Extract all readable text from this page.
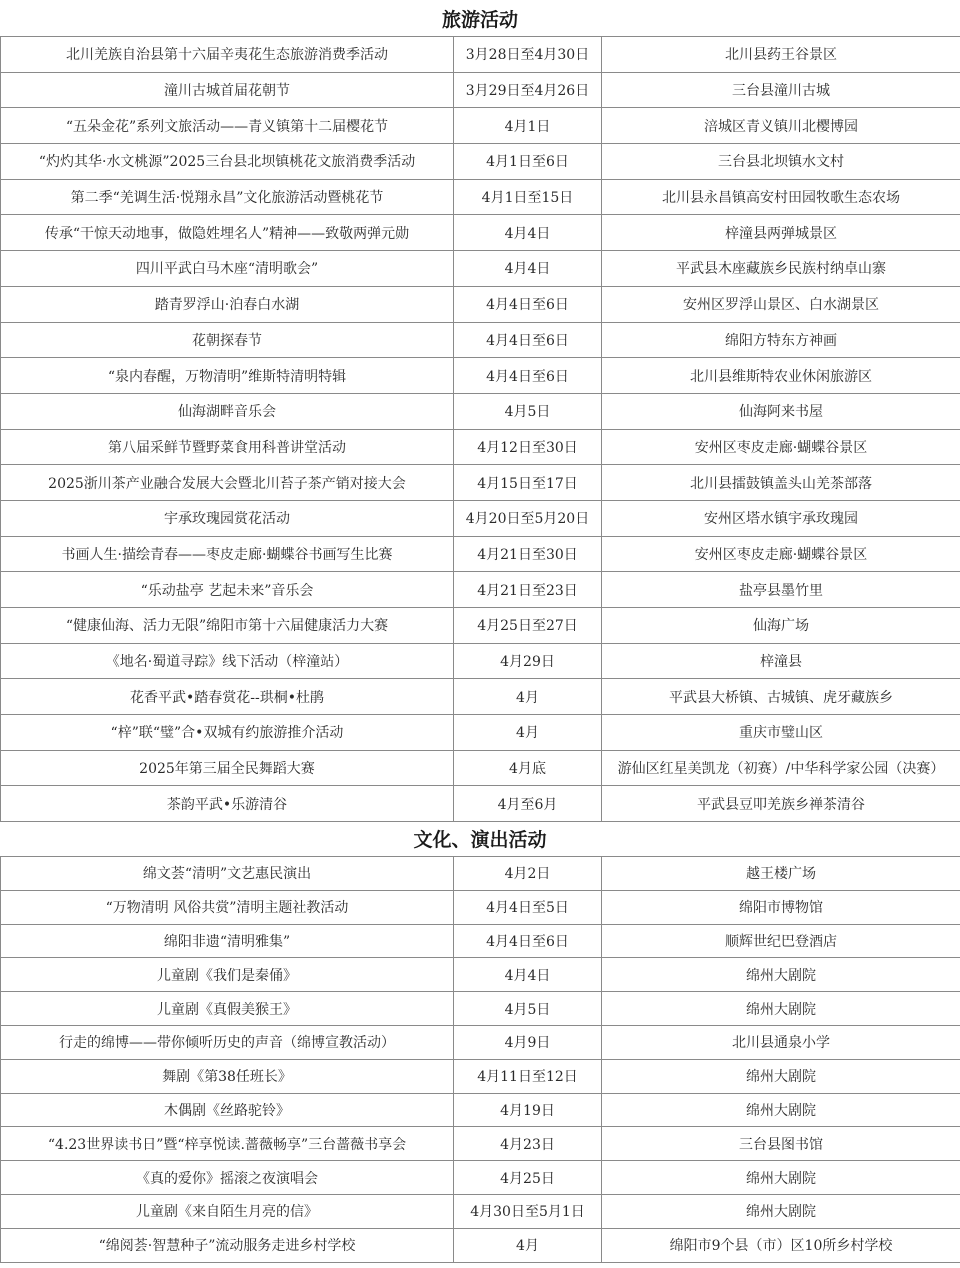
旅游活动
北川羌族自治县第十六届辛夷花生态旅游消费季活动	3月28日至4月30日	北川县药王谷景区
潼川古城首届花朝节	3月29日至4月26日	三台县潼川古城
“五朵金花”系列文旅活动——青义镇第十二届樱花节	4月1日	涪城区青义镇川北樱博园
“灼灼其华·水文桃源”2025三台县北坝镇桃花文旅消费季活动	4月1日至6日	三台县北坝镇水文村
第二季“羌调生活·悦翔永昌”文化旅游活动暨桃花节	4月1日至15日	北川县永昌镇高安村田园牧歌生态农场
传承“干惊天动地事，做隐姓埋名人”精神——致敬两弹元勋	4月4日	梓潼县两弹城景区
四川平武白马木座“清明歌会”	4月4日	平武县木座藏族乡民族村纳卓山寨
踏青罗浮山·泊春白水湖	4月4日至6日	安州区罗浮山景区、白水湖景区
花朝探春节	4月4日至6日	绵阳方特东方神画
“泉内春醒，万物清明”维斯特清明特辑	4月4日至6日	北川县维斯特农业休闲旅游区
仙海湖畔音乐会	4月5日	仙海阿来书屋
第八届采鲜节暨野菜食用科普讲堂活动	4月12日至30日	安州区枣皮走廊·蝴蝶谷景区
2025浙川茶产业融合发展大会暨北川苔子茶产销对接大会	4月15日至17日	北川县擂鼓镇盖头山羌茶部落
宇承玫瑰园赏花活动	4月20日至5月20日	安州区塔水镇宇承玫瑰园
书画人生·描绘青春——枣皮走廊·蝴蝶谷书画写生比赛	4月21日至30日	安州区枣皮走廊·蝴蝶谷景区
“乐动盐亭 艺起未来”音乐会	4月21日至23日	盐亭县墨竹里
“健康仙海、活力无限”绵阳市第十六届健康活力大赛	4月25日至27日	仙海广场
《地名·蜀道寻踪》线下活动（梓潼站）	4月29日	梓潼县
花香平武•踏春赏花--珙桐•杜鹃	4月	平武县大桥镇、古城镇、虎牙藏族乡
“梓”联“璧”合•双城有约旅游推介活动	4月	重庆市璧山区
2025年第三届全民舞蹈大赛	4月底	游仙区红星美凯龙（初赛）/中华科学家公园（决赛）
茶韵平武•乐游清谷	4月至6月	平武县豆叩羌族乡禅茶清谷
文化、演出活动
绵文荟“清明”文艺惠民演出	4月2日	越王楼广场
“万物清明 风俗共赏”清明主题社教活动	4月4日至5日	绵阳市博物馆
绵阳非遗“清明雅集”	4月4日至6日	顺辉世纪巴登酒店
儿童剧《我们是秦俑》	4月4日	绵州大剧院
儿童剧《真假美猴王》	4月5日	绵州大剧院
行走的绵博——带你倾听历史的声音（绵博宣教活动）	4月9日	北川县通泉小学
舞剧《第38任班长》	4月11日至12日	绵州大剧院
木偶剧《丝路驼铃》	4月19日	绵州大剧院
“4.23世界读书日”暨“梓享悦读.蔷薇畅享”三台蔷薇书享会	4月23日	三台县图书馆
《真的爱你》摇滚之夜演唱会	4月25日	绵州大剧院
儿童剧《来自陌生月亮的信》	4月30日至5月1日	绵州大剧院
“绵阅荟·智慧种子”流动服务走进乡村学校	4月	绵阳市9个县（市）区10所乡村学校
